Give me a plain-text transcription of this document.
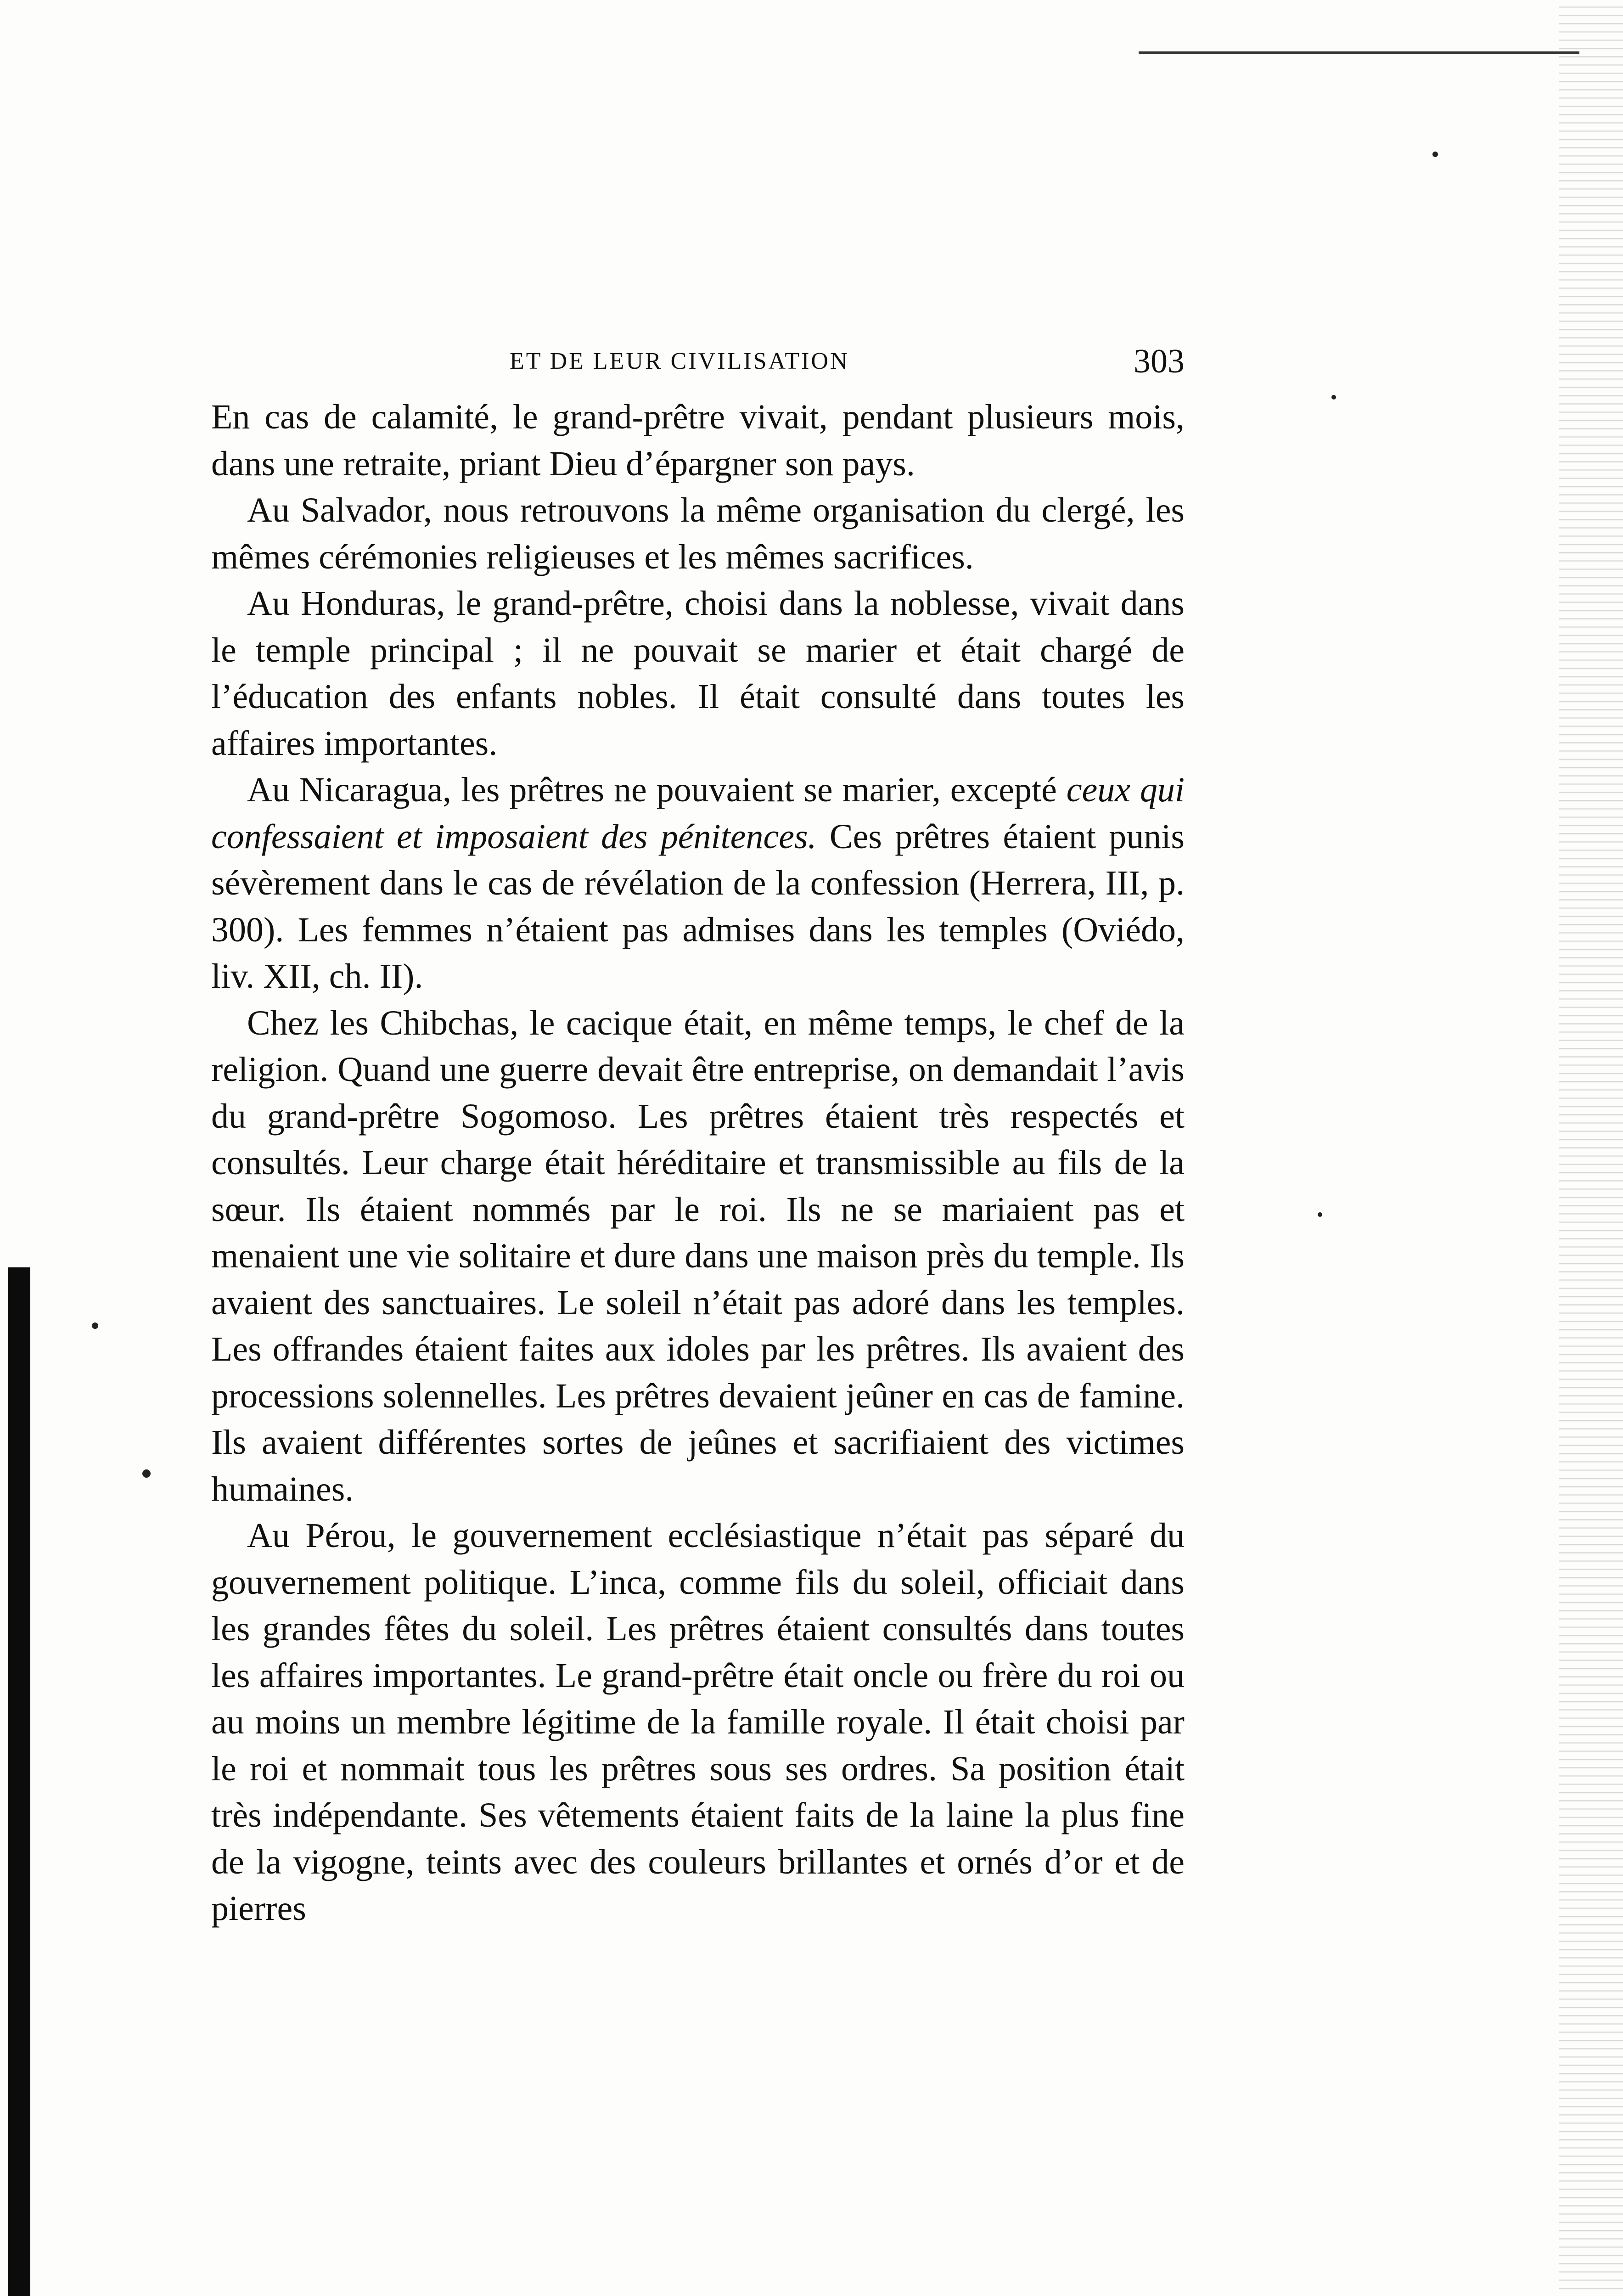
ET DE LEUR CIVILISATION	303

En cas de calamité, le grand-prêtre vivait, pendant plusieurs mois, dans une retraite, priant Dieu d’épargner son pays.

Au Salvador, nous retrouvons la même organisation du clergé, les mêmes cérémonies religieuses et les mêmes sacrifices.

Au Honduras, le grand-prêtre, choisi dans la noblesse, vivait dans le temple principal ; il ne pouvait se marier et était chargé de l’éducation des enfants nobles. Il était consulté dans toutes les affaires importantes.

Au Nicaragua, les prêtres ne pouvaient se marier, excepté ceux qui confessaient et imposaient des pénitences. Ces prêtres étaient punis sévèrement dans le cas de révélation de la confession (Herrera, III, p. 300). Les femmes n’étaient pas admises dans les temples (Oviédo, liv. XII, ch. II).

Chez les Chibchas, le cacique était, en même temps, le chef de la religion. Quand une guerre devait être entreprise, on demandait l’avis du grand-prêtre Sogomoso. Les prêtres étaient très respectés et consultés. Leur charge était héréditaire et transmissible au fils de la sœur. Ils étaient nommés par le roi. Ils ne se mariaient pas et menaient une vie solitaire et dure dans une maison près du temple. Ils avaient des sanctuaires. Le soleil n’était pas adoré dans les temples. Les offrandes étaient faites aux idoles par les prêtres. Ils avaient des processions solennelles. Les prêtres devaient jeûner en cas de famine. Ils avaient différentes sortes de jeûnes et sacrifiaient des victimes humaines.

Au Pérou, le gouvernement ecclésiastique n’était pas séparé du gouvernement politique. L’inca, comme fils du soleil, officiait dans les grandes fêtes du soleil. Les prêtres étaient consultés dans toutes les affaires importantes. Le grand-prêtre était oncle ou frère du roi ou au moins un membre légitime de la famille royale. Il était choisi par le roi et nommait tous les prêtres sous ses ordres. Sa position était très indépendante. Ses vêtements étaient faits de la laine la plus fine de la vigogne, teints avec des couleurs brillantes et ornés d’or et de pierres
